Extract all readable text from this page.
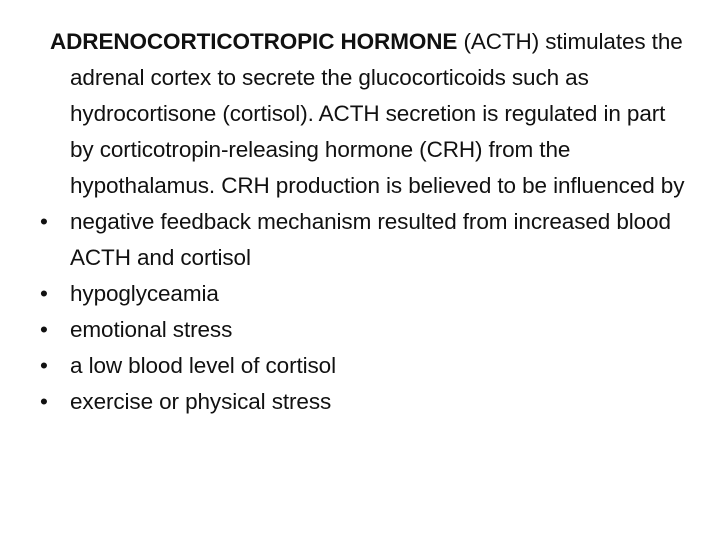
ADRENOCORTICOTROPIC HORMONE (ACTH) stimulates the adrenal cortex to secrete the glucocorticoids such as hydrocortisone (cortisol). ACTH secretion is regulated in part by corticotropin-releasing hormone (CRH) from the hypothalamus. CRH production is believed to be influenced by

• negative feedback mechanism resulted from increased blood ACTH and cortisol
• hypoglyceamia
• emotional stress
• a low blood level of cortisol
• exercise or physical stress
